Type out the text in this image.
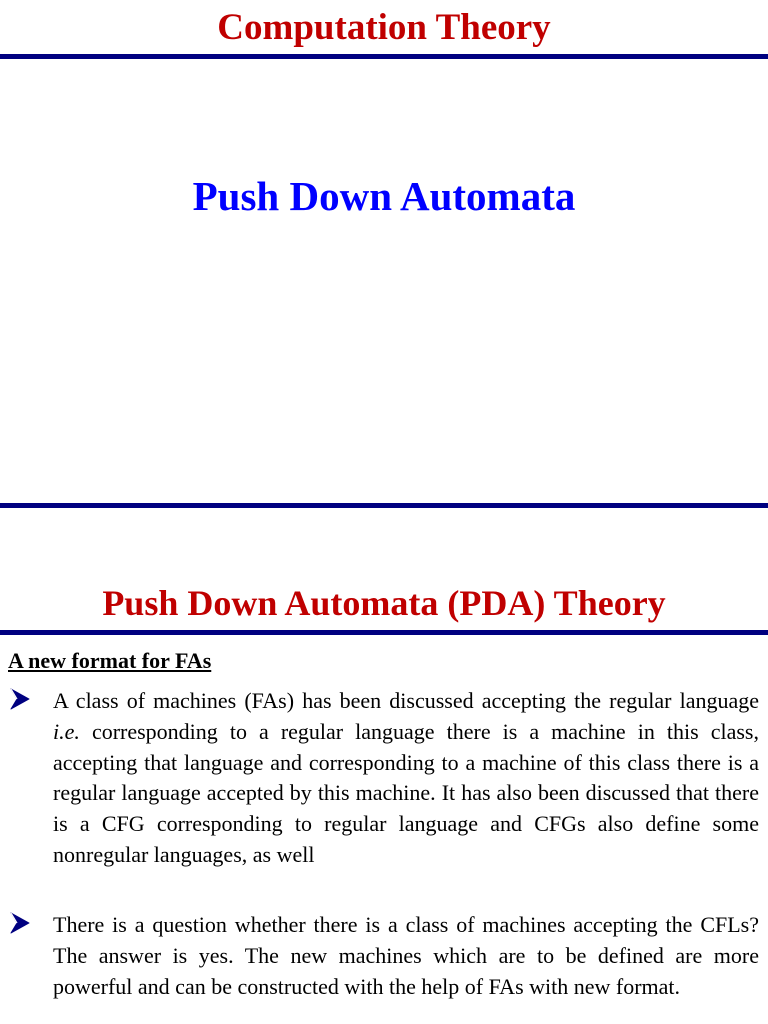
Computation Theory
Push Down Automata
Push Down Automata (PDA) Theory
A new format for FAs

A class of machines (FAs) has been discussed accepting the regular language i.e. corresponding to a regular language there is a machine in this class, accepting that language and corresponding to a machine of this class there is a regular language accepted by this machine. It has also been discussed that there is a CFG corresponding to regular language and CFGs also define some nonregular languages, as well

There is a question whether there is a class of machines accepting the CFLs? The answer is yes. The new machines which are to be defined are more powerful and can be constructed with the help of FAs with new format.
